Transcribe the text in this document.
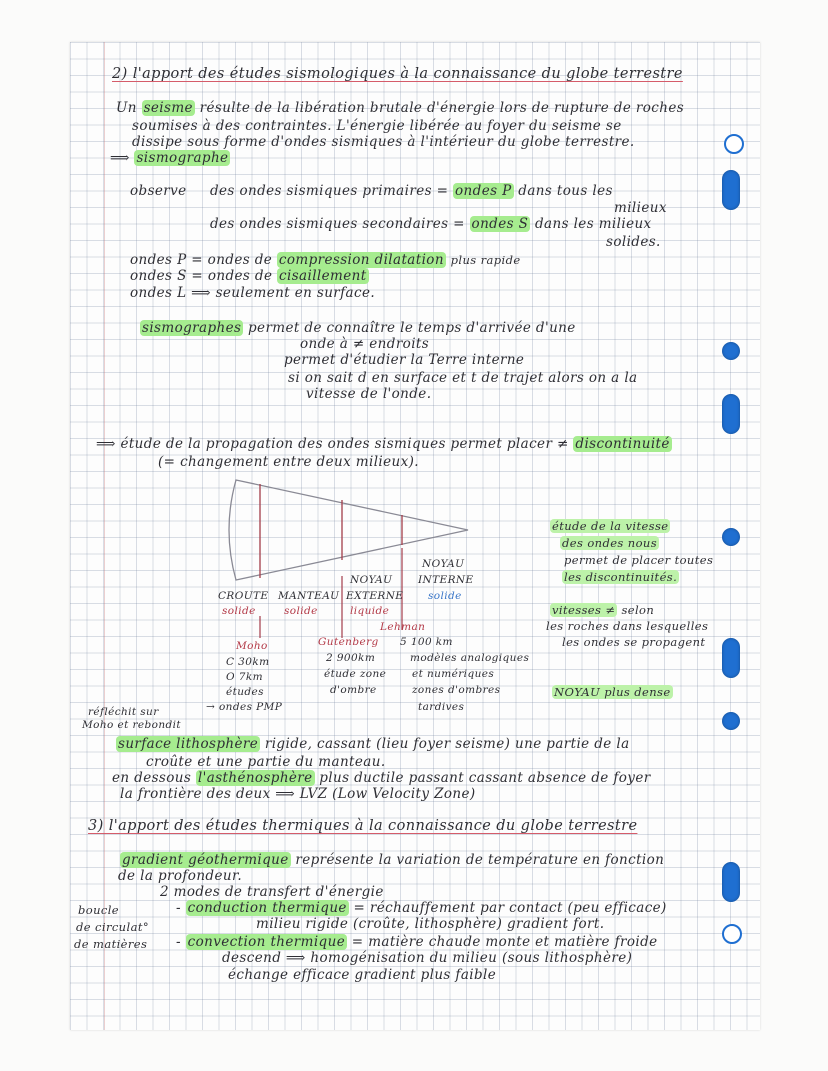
2) l'apport des études sismologiques à la connaissance du globe terrestre
Un seisme résulte de la libération brutale d'énergie lors de rupture de roches
soumises à des contraintes. L'énergie libérée au foyer du seisme se
dissipe sous forme d'ondes sismiques à l'intérieur du globe terrestre.
⟹ sismographe
observe des ondes sismiques primaires = ondes P dans tous les
milieux
des ondes sismiques secondaires = ondes S dans les milieux
solides.
ondes P = ondes de compression dilatation plus rapide
ondes S = ondes de cisaillement
ondes L ⟹ seulement en surface.
sismographes permet de connaître le temps d'arrivée d'une
onde à ≠ endroits
permet d'étudier la Terre interne
si on sait d en surface et t de trajet alors on a la
vitesse de l'onde.
⟹ étude de la propagation des ondes sismiques permet placer ≠ discontinuité
(= changement entre deux milieux).
CROUTE
solide
MANTEAU
solide
NOYAU
EXTERNE
liquide
NOYAU
INTERNE
solide
Lehman
Moho	Gutenberg 5 100 km
C 30km	2 900km	modèles analogiques
O 7km	étude zone et numériques
études	d'ombre	zones d'ombres
→ ondes PMP	tardives
réfléchit sur
Moho et rebondit
étude de la vitesse
des ondes nous
permet de placer toutes
les discontinuités.
vitesses ≠ selon
les roches dans lesquelles
les ondes se propagent
NOYAU plus dense
surface lithosphère rigide, cassant (lieu foyer seisme) une partie de la
croûte et une partie du manteau.
en dessous l'asthénosphère plus ductile passant cassant absence de foyer
la frontière des deux ⟹ LVZ (Low Velocity Zone)
3) l'apport des études thermiques à la connaissance du globe terrestre
gradient géothermique représente la variation de température en fonction
de la profondeur.
2 modes de transfert d'énergie
boucle
de circulat°
de matières
- conduction thermique = réchauffement par contact (peu efficace)
milieu rigide (croûte, lithosphère) gradient fort.
- convection thermique = matière chaude monte et matière froide
descend ⟹ homogénisation du milieu (sous lithosphère)
échange efficace gradient plus faible
